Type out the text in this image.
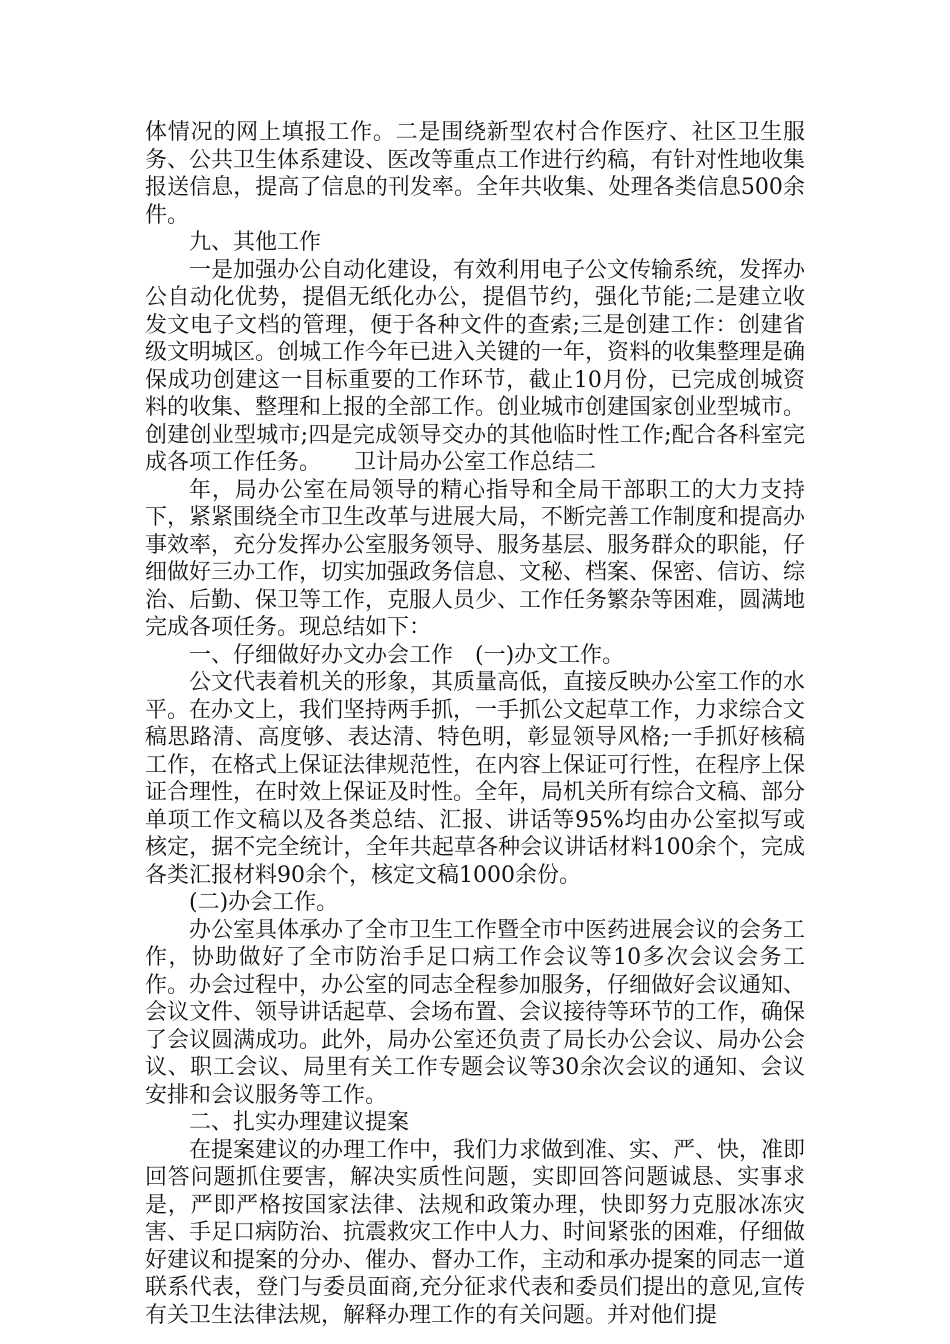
体情况的网上填报工作。二是围绕新型农村合作医疗、社区卫生服务、公共卫生体系建设、医改等重点工作进行约稿，有针对性地收集报送信息，提高了信息的刊发率。全年共收集、处理各类信息500余件。

九、其他工作

一是加强办公自动化建设，有效利用电子公文传输系统，发挥办公自动化优势，提倡无纸化办公，提倡节约，强化节能;二是建立收发文电子文档的管理，便于各种文件的查索;三是创建工作：创建省级文明城区。创城工作今年已进入关键的一年，资料的收集整理是确保成功创建这一目标重要的工作环节，截止10月份，已完成创城资料的收集、整理和上报的全部工作。创业城市创建国家创业型城市。创建创业型城市;四是完成领导交办的其他临时性工作;配合各科室完成各项工作任务。　　卫计局办公室工作总结二

年，局办公室在局领导的精心指导和全局干部职工的大力支持下，紧紧围绕全市卫生改革与进展大局，不断完善工作制度和提高办事效率，充分发挥办公室服务领导、服务基层、服务群众的职能，仔细做好三办工作，切实加强政务信息、文秘、档案、保密、信访、综治、后勤、保卫等工作，克服人员少、工作任务繁杂等困难，圆满地完成各项任务。现总结如下：

一、仔细做好办文办会工作　(一)办文工作。

公文代表着机关的形象，其质量高低，直接反映办公室工作的水平。在办文上，我们坚持两手抓，一手抓公文起草工作，力求综合文稿思路清、高度够、表达清、特色明，彰显领导风格;一手抓好核稿工作，在格式上保证法律规范性，在内容上保证可行性，在程序上保证合理性，在时效上保证及时性。全年，局机关所有综合文稿、部分单项工作文稿以及各类总结、汇报、讲话等95%均由办公室拟写或核定，据不完全统计，全年共起草各种会议讲话材料100余个，完成各类汇报材料90余个，核定文稿1000余份。

(二)办会工作。

办公室具体承办了全市卫生工作暨全市中医药进展会议的会务工作，协助做好了全市防治手足口病工作会议等10多次会议会务工作。办会过程中，办公室的同志全程参加服务，仔细做好会议通知、会议文件、领导讲话起草、会场布置、会议接待等环节的工作，确保了会议圆满成功。此外，局办公室还负责了局长办公会议、局办公会议、职工会议、局里有关工作专题会议等30余次会议的通知、会议安排和会议服务等工作。

二、扎实办理建议提案

在提案建议的办理工作中，我们力求做到准、实、严、快，准即回答问题抓住要害，解决实质性问题，实即回答问题诚恳、实事求是，严即严格按国家法律、法规和政策办理，快即努力克服冰冻灾害、手足口病防治、抗震救灾工作中人力、时间紧张的困难，仔细做好建议和提案的分办、催办、督办工作，主动和承办提案的同志一道联系代表，登门与委员面商,充分征求代表和委员们提出的意见,宣传有关卫生法律法规，解释办理工作的有关问题。并对他们提
